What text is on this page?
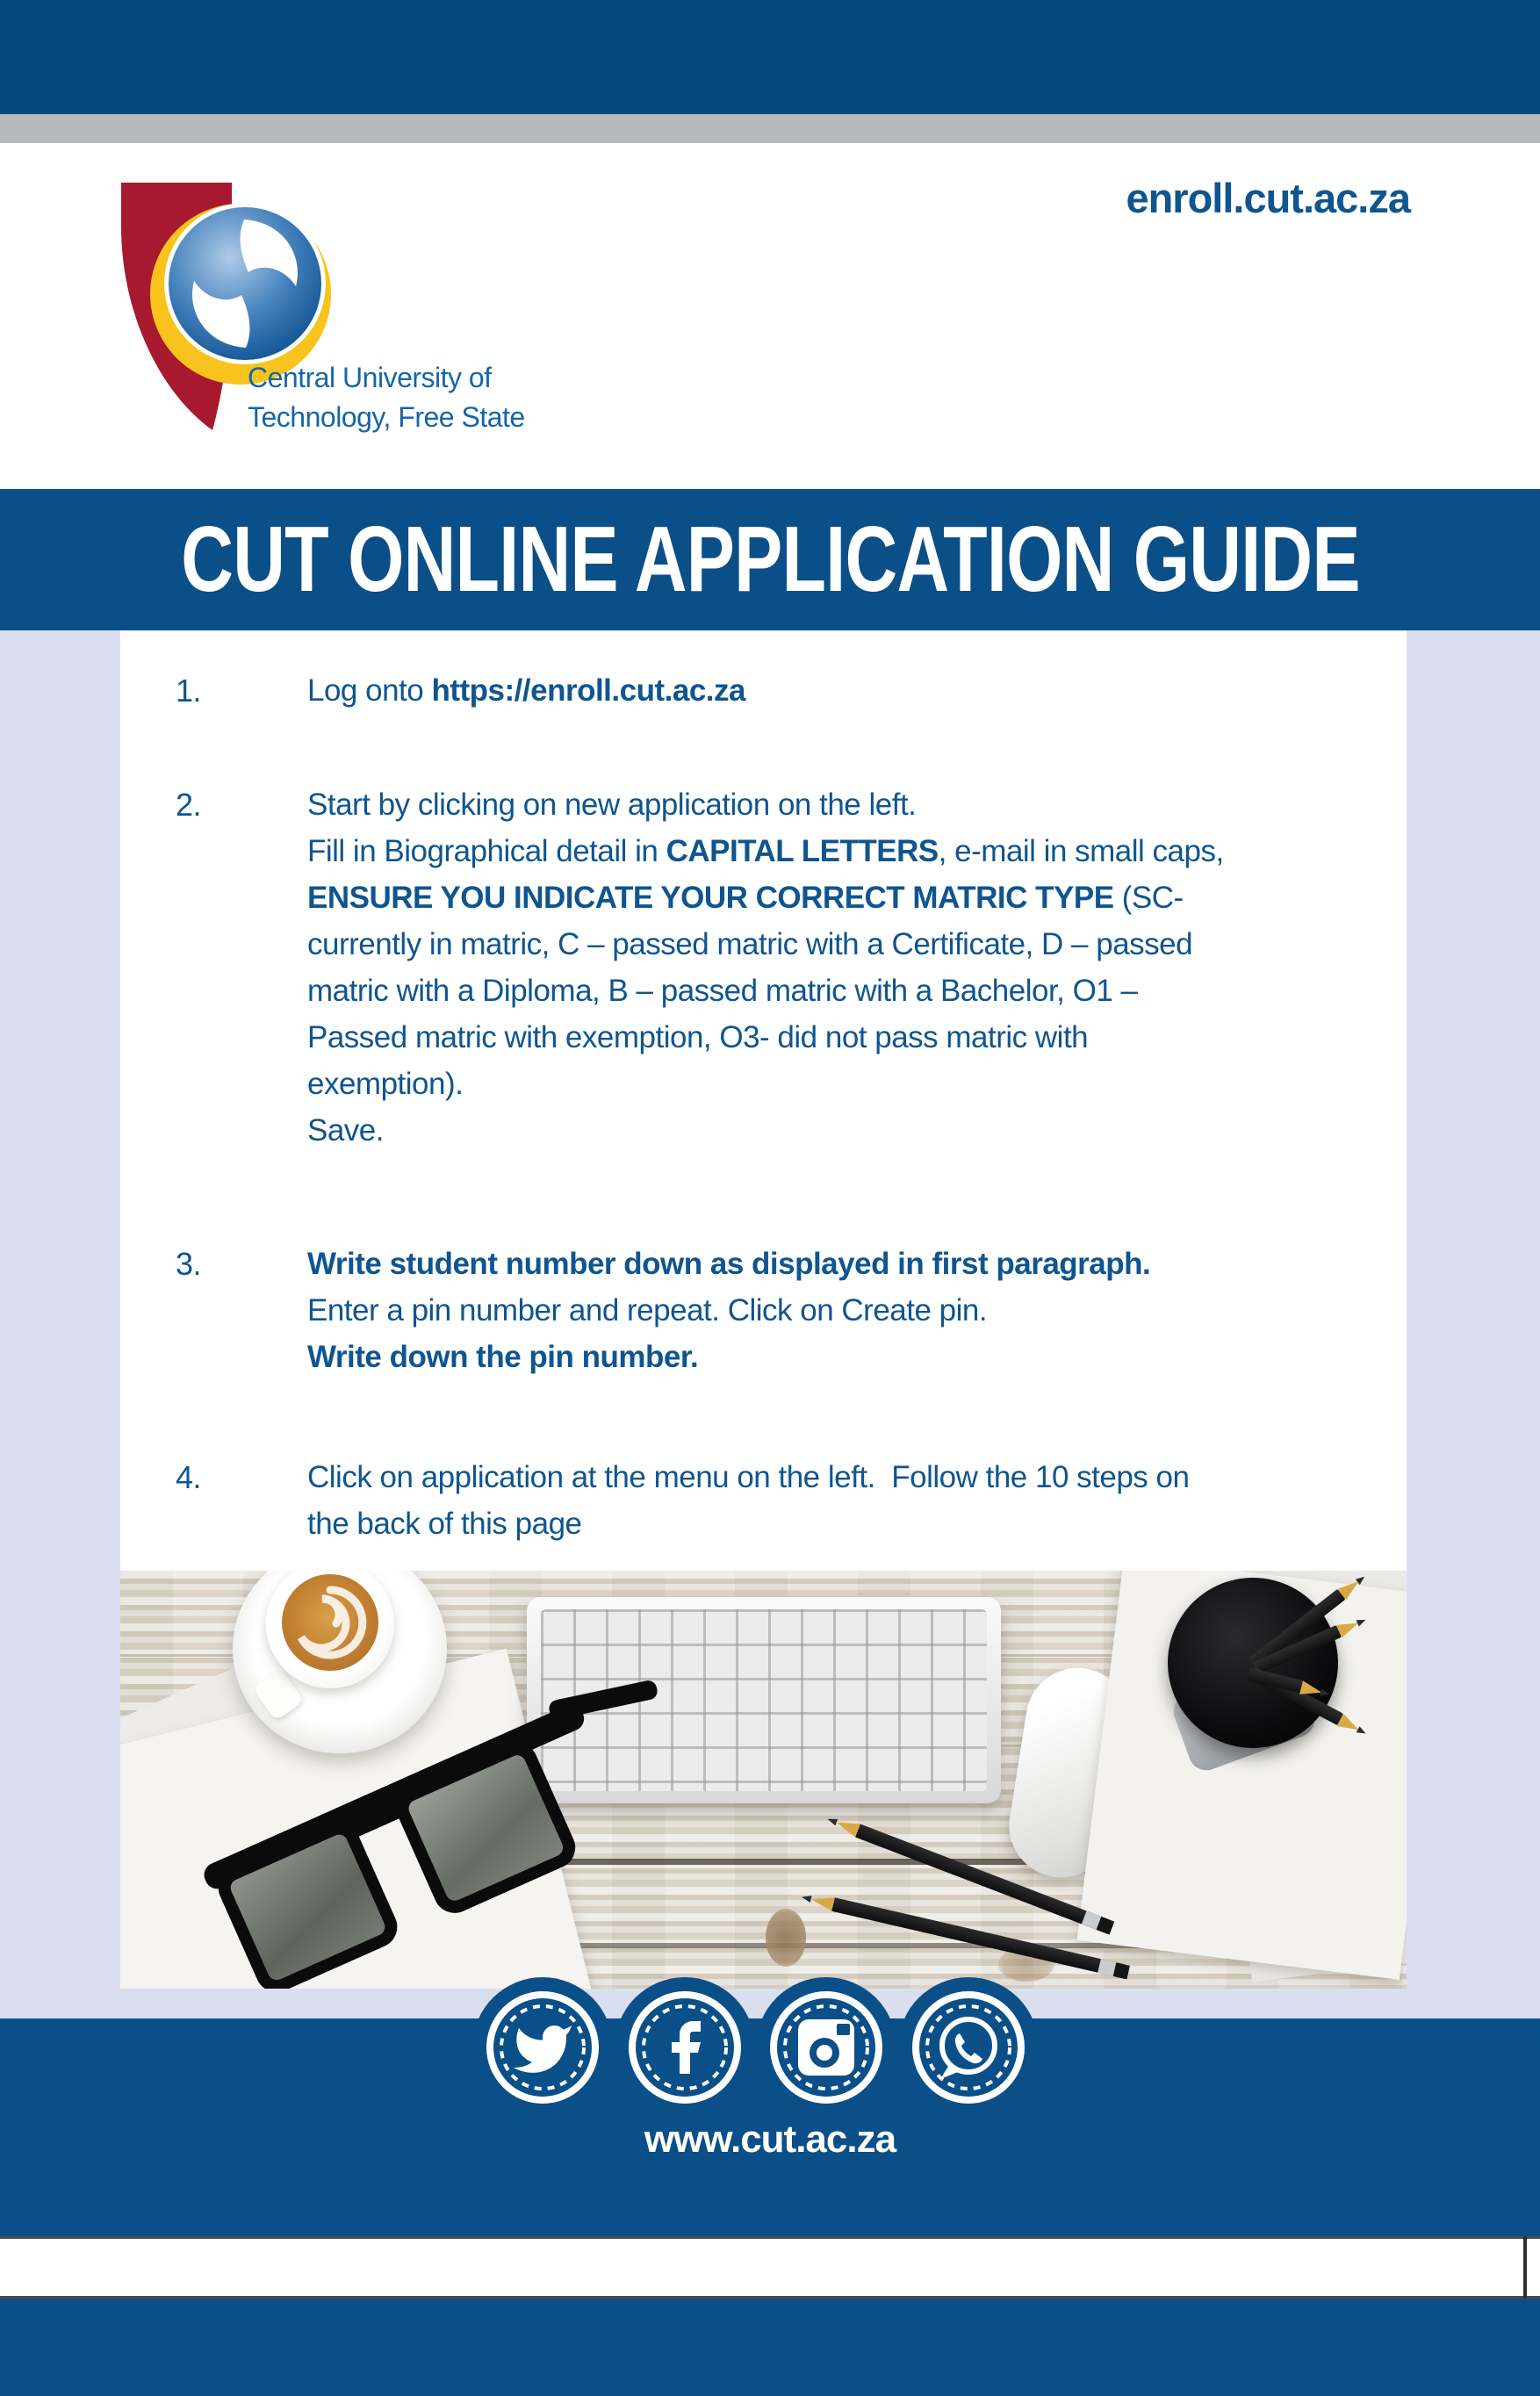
Central University of
Technology, Free State
enroll.cut.ac.za
CUT ONLINE APPLICATION GUIDE
1.	Log onto https://enroll.cut.ac.za
2.	Start by clicking on new application on the left.
Fill in Biographical detail in CAPITAL LETTERS, e-mail in small caps,
ENSURE YOU INDICATE YOUR CORRECT MATRIC TYPE (SC-
currently in matric, C – passed matric with a Certificate, D – passed
matric with a Diploma, B – passed matric with a Bachelor, O1 –
Passed matric with exemption, O3- did not pass matric with
exemption).
Save.
3.	Write student number down as displayed in first paragraph.
Enter a pin number and repeat. Click on Create pin.
Write down the pin number.
4.	Click on application at the menu on the left.  Follow the 10 steps on
the back of this page
www.cut.ac.za
